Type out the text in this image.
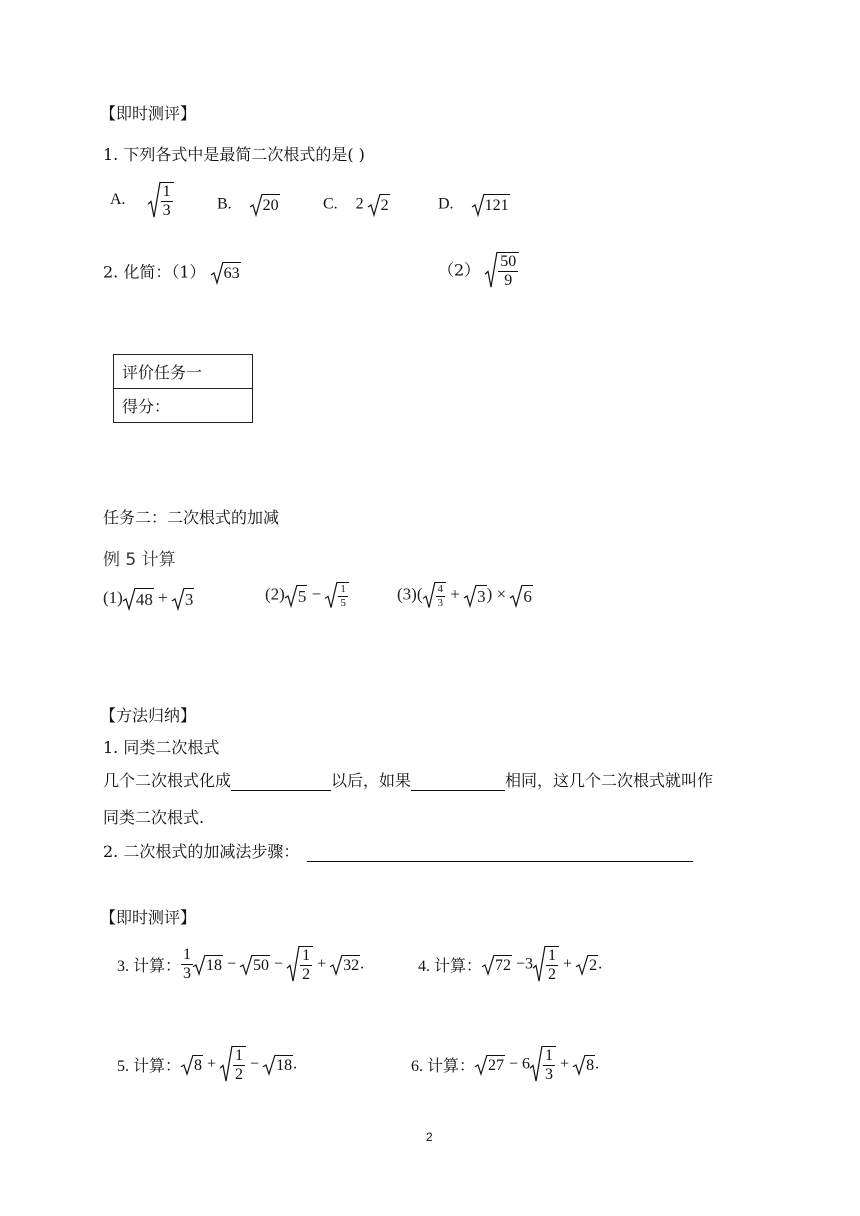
【即时测评】
1. 下列各式中是最简二次根式的是( )
A. $\frac{1}{3}$	B. 20	C. 2 2	D. 121
2. 化简：（1） 63	$(2) \frac{50}{9}$
评价任务一
得分：
任务二：二次根式的加减
例 5 计算
(1) 48 + 3	(2) $5 - \frac{1}{5}$	$(3)( \frac{4}{3} + 3$ ) × 6
【方法归纳】
1. 同类二次根式
几个二次根式化成	以后，如果	相同，这几个二次根式就叫作
同类二次根式.
2. 二次根式的加减法步骤：
【即时测评】
3. 计算： $\frac{1}{3} 18 - 50 - \frac{1}{2} + 32$ .	4. 计算： $72 -3 \frac{1}{2} + 2$ .
5. 计算： $8 + \frac{1}{2} - 18$ .	6. 计算： $27 - 6 \frac{1}{3} + 8$ .
2
